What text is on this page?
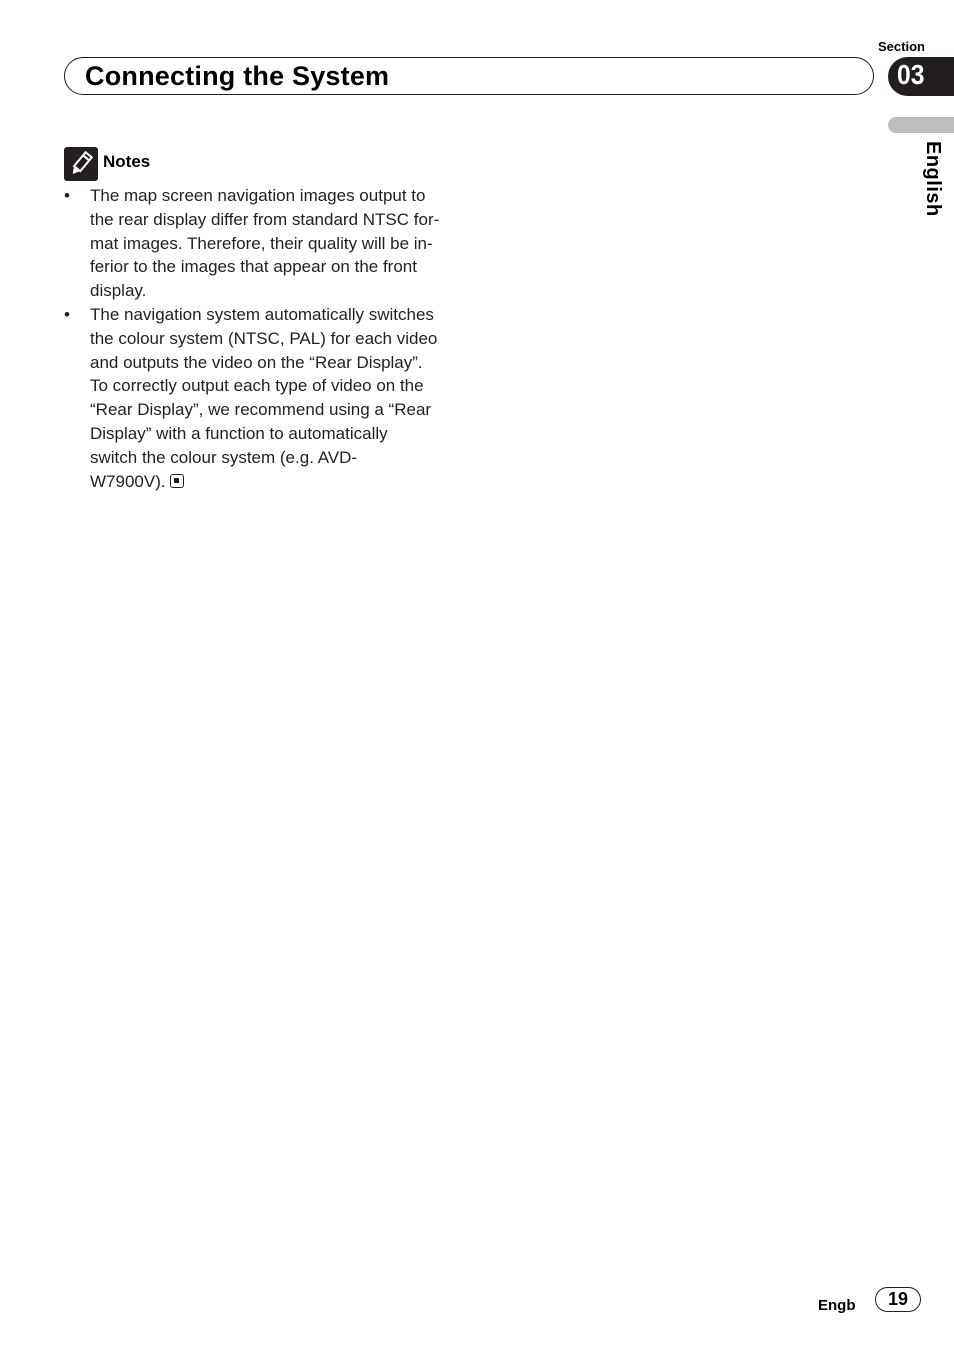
Section
Connecting the System	03
English
Notes
• The map screen navigation images output to
the rear display differ from standard NTSC for-
mat images. Therefore, their quality will be in-
ferior to the images that appear on the front
display.
• The navigation system automatically switches
the colour system (NTSC, PAL) for each video
and outputs the video on the “Rear Display”.
To correctly output each type of video on the
“Rear Display”, we recommend using a “Rear
Display” with a function to automatically
switch the colour system (e.g. AVD-
W7900V).
Engb	19
